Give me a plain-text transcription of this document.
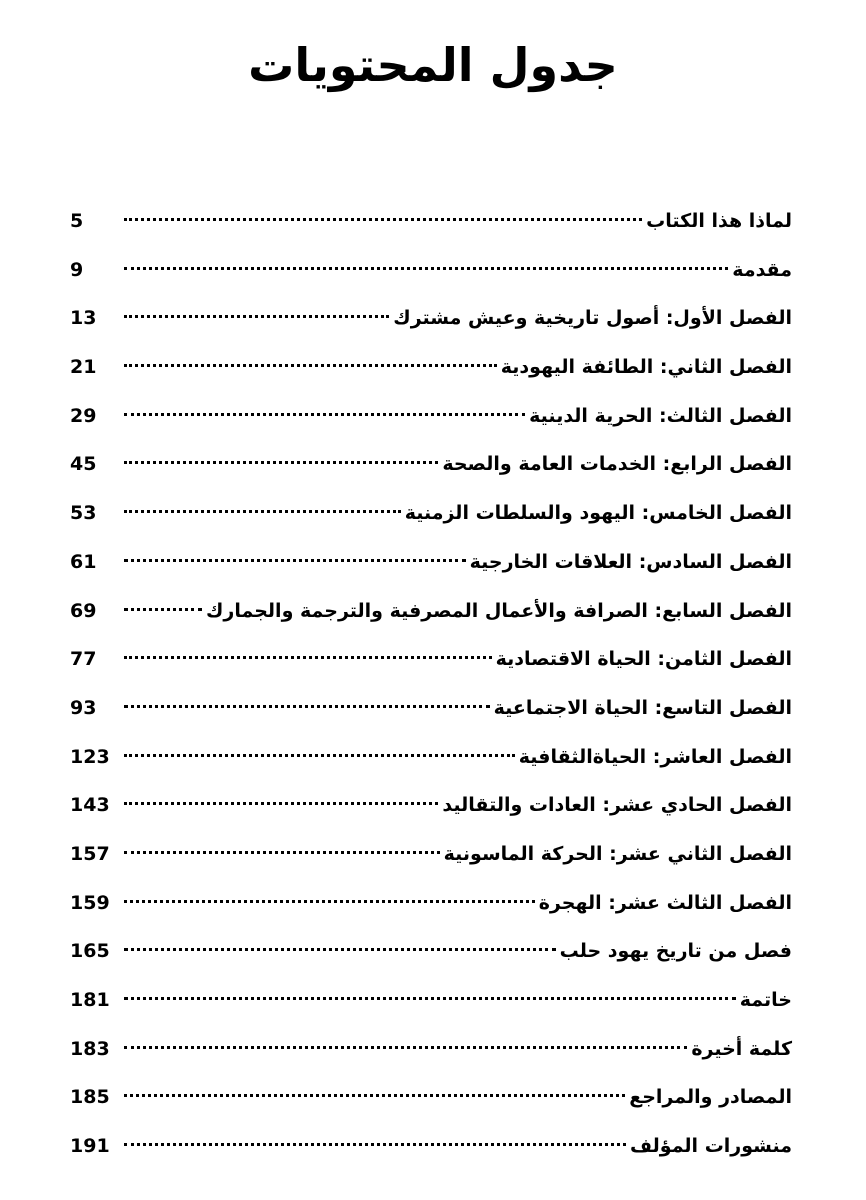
جدول المحتويات
لماذا هذا الكتاب
5
مقدمة
9
الفصل الأول: أصول تاريخية وعيش مشترك
13
الفصل الثاني: الطائفة اليهودية
21
الفصل الثالث: الحرية الدينية
29
الفصل الرابع: الخدمات العامة والصحة
45
الفصل الخامس: اليهود والسلطات الزمنية
53
الفصل السادس: العلاقات الخارجية
61
الفصل السابع: الصرافة والأعمال المصرفية والترجمة والجمارك
69
الفصل الثامن: الحياة الاقتصادية
77
الفصل التاسع: الحياة الاجتماعية
93
الفصل العاشر: الحياةالثقافية
123
الفصل الحادي عشر: العادات والتقاليد
143
الفصل الثاني عشر: الحركة الماسونية
157
الفصل الثالث عشر: الهجرة
159
فصل من تاريخ يهود حلب
165
خاتمة
181
كلمة أخيرة
183
المصادر والمراجع
185
منشورات المؤلف
191
